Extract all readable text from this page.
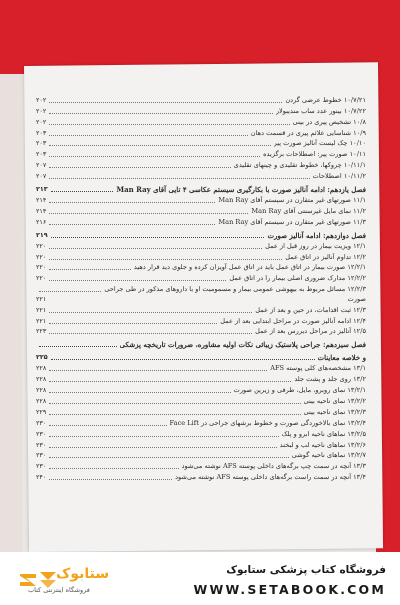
۱۰/۷/۲۱ خطوط عرضی گردن
۲۰۲
۱۰/۷/۲۲ بینور عدد ساب منديبولار
۲۰۲
۱۰/۸ تشخيص پيری در بینی
۲۰۲
۱۰/۹ شناسایی علائم پيری در قسمت دهان
۲۰۳
۱۰/۱۰ چک ليست آنالیز صورت پير
۲۰۳
۱۰/۱۱ صورت پير: اصطلاحات برگزيده
۲۰۳
۱۰/۱۱/۱ چروکها، خطوط تقلیدی و چينهای تقلیدی
۲۰۷
۱۰/۱۱/۲ اصطلاحات
۲۰۷
فصل یازدهم: ادامه آنالیز صورت با بكارگيری سيستم عكاسی ۴ تايی آقای Man Ray
۲۱۳
۱۱/۱ صورتهای غير متقارن در سيستم آقای Man Ray
۲۱۴
۱۱/۲ نمای مايل غيرسنتی آقای Man Ray
۲۱۴
۱۱/۳ صورتهای غير متقارن در سيستم آقای Man Ray
۲۱۶
فصل دوازدهم: ادامه آناليز صورت
۲۱۹
۱۲/۱ ويزيت بيمار در روز قبل از عمل
۲۲۰
۱۲/۲ تداوم آناليز در اتاق عمل
۲۲۰
۱۲/۲/۱ صورت بيمار در اتاق عمل بايد در اتاق عمل آويزان کرده و جلوی ديد قرار دهيد
۲۲۰
۱۲/۲/۲ مدارک ضروری اصلی بيمار را در اتاق عمل
۲۲۰
۱۲/۲/۳ مسائل مربوط به بيهوشی عمومی بيمار و مسموميت او با داروهای مذکور در طی جراحی
صورت
۲۲۱
۱۲/۳ ثبت اقدامات، در حين و بعد از عمل
۲۲۱
۱۲/۴ ادامه آناليز صورت در مراحل ابتدايی بعد از عمل
۲۲۱
۱۲/۵ آناليز در مراحل ديررس بعد از عمل
۲۲۳
فصل سيزدهم: جراحی پلاستيک زيبائی نكات اوليه مشاوره، ضرورات تاريخچه پزشكی
و خلاصه معاينات
۲۲۵
۱۳/۱ مشخصه‌های كلی پوسته AFS
۲۲۸
۱۳/۲ روی جلد و پشت جلد
۲۲۸
۱۳/۲/۱ نمای روبرو، مايل، طرفی و زيرين صورت
۲۲۸
۱۳/۲/۲ نمای ناحيه بينی
۲۲۸
۱۳/۲/۳ نمای ناحيه بينی
۲۲۹
۱۳/۲/۴ نمای بالاخوردگی صورت و خطوط برشهای جراحی در Face Lift
۲۳۰
۱۳/۲/۵ نماهای ناحيه ابرو و پلک
۲۳۰
۱۳/۲/۶ نماهای ناحيه لب و لبخند
۲۳۰
۱۳/۲/۷ نماهای ناحيه گوشی
۲۳۰
۱۳/۳ آنچه در سمت چپ برگه‌های داخلی پوسته AFS نوشته می‌شود
۲۳۰
۱۳/۴ آنچه در سمت راست برگه‌های داخلی پوسته AFS نوشته می‌شود
۲۴۰
ستابوک
فروشگاه اینترنتی کتاب
فروشگاه کتاب پزشکی ستابوک
WWW.SETABOOK.COM
